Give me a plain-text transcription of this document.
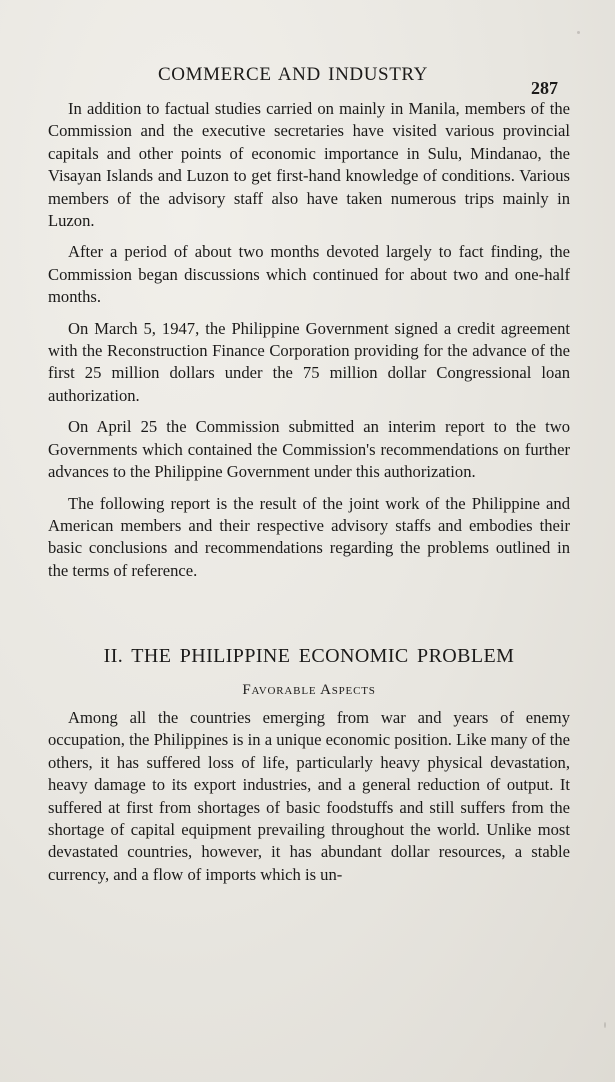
COMMERCE AND INDUSTRY
287

In addition to factual studies carried on mainly in Manila, members of the Commission and the executive secretaries have visited various provincial capitals and other points of economic importance in Sulu, Mindanao, the Visayan Islands and Luzon to get first-hand knowledge of conditions. Various members of the advisory staff also have taken numerous trips mainly in Luzon.

After a period of about two months devoted largely to fact finding, the Commission began discussions which continued for about two and one-half months.

On March 5, 1947, the Philippine Government signed a credit agreement with the Reconstruction Finance Corporation providing for the advance of the first 25 million dollars under the 75 million dollar Congressional loan authorization.

On April 25 the Commission submitted an interim report to the two Governments which contained the Commission's recommendations on further advances to the Philippine Government under this authorization.

The following report is the result of the joint work of the Philippine and American members and their respective advisory staffs and embodies their basic conclusions and recommendations regarding the problems outlined in the terms of reference.

II. THE PHILIPPINE ECONOMIC PROBLEM
Favorable Aspects

Among all the countries emerging from war and years of enemy occupation, the Philippines is in a unique economic position. Like many of the others, it has suffered loss of life, particularly heavy physical devastation, heavy damage to its export industries, and a general reduction of output. It suffered at first from shortages of basic foodstuffs and still suffers from the shortage of capital equipment prevailing throughout the world. Unlike most devastated countries, however, it has abundant dollar resources, a stable currency, and a flow of imports which is un-
